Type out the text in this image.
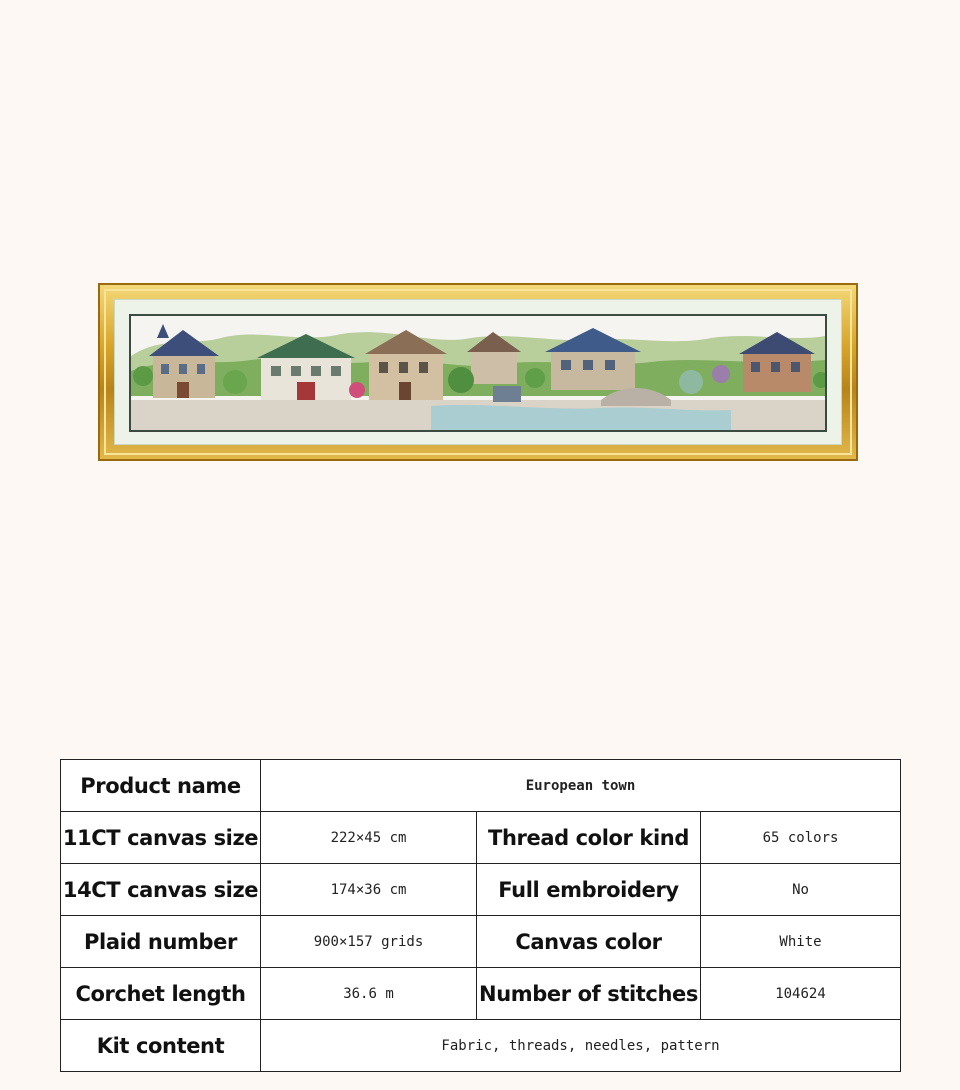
Product name	European town		
11CT canvas size	222×45 cm	Thread color kind	65 colors
14CT canvas size	174×36 cm	Full embroidery	No
Plaid number	900×157 grids	Canvas color	White
Corchet length	36.6 m	Number of stitches	104624
Kit content	Fabric, threads, needles, pattern		
